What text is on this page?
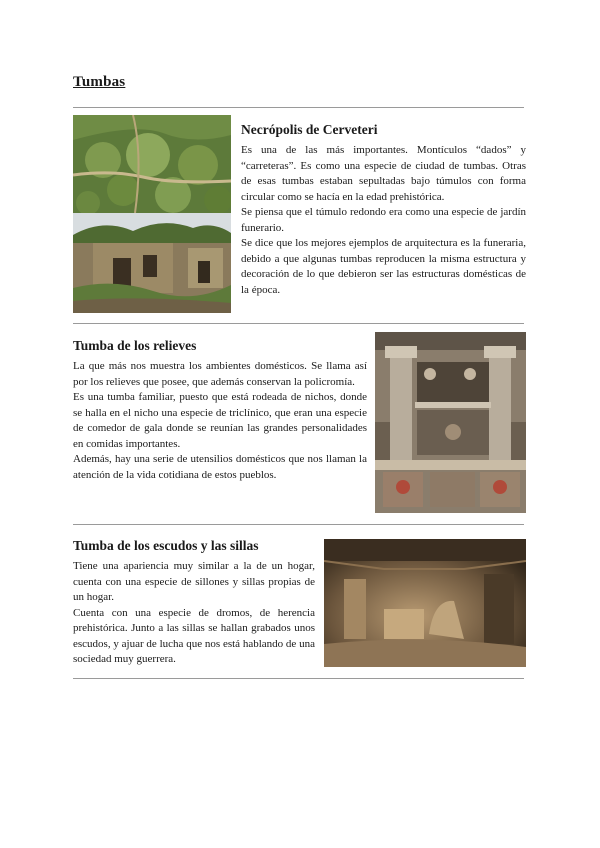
Tumbas
Necrópolis de Cerveteri

Es una de las más importantes. Montículos “dados” y “carreteras”. Es como una especie de ciudad de tumbas. Otras de esas tumbas estaban sepultadas bajo túmulos con forma circular como se hacía en la edad prehistórica.

Se piensa que el túmulo redondo era como una especie de jardín funerario.

Se dice que los mejores ejemplos de arquitectura es la funeraria, debido a que algunas tumbas reproducen la misma estructura y decoración de lo que debieron ser las estructuras domésticas de la época.

Tumba de los relieves

La que más nos muestra los ambientes domésticos. Se llama así por los relieves que posee, que además conservan la policromía.

Es una tumba familiar, puesto que está rodeada de nichos, donde se halla en el nicho una especie de triclínico, que eran una especie de comedor de gala donde se reunían las grandes personalidades en comidas importantes.

Además, hay una serie de utensilios domésticos que nos llaman la atención de la vida cotidiana de estos pueblos.

Tumba de los escudos y las sillas

Tiene una apariencia muy similar a la de un hogar, cuenta con una especie de sillones y sillas propias de un hogar.

Cuenta con una especie de dromos, de herencia prehistórica. Junto a las sillas se hallan grabados unos escudos, y ajuar de lucha que nos está hablando de una sociedad muy guerrera.
